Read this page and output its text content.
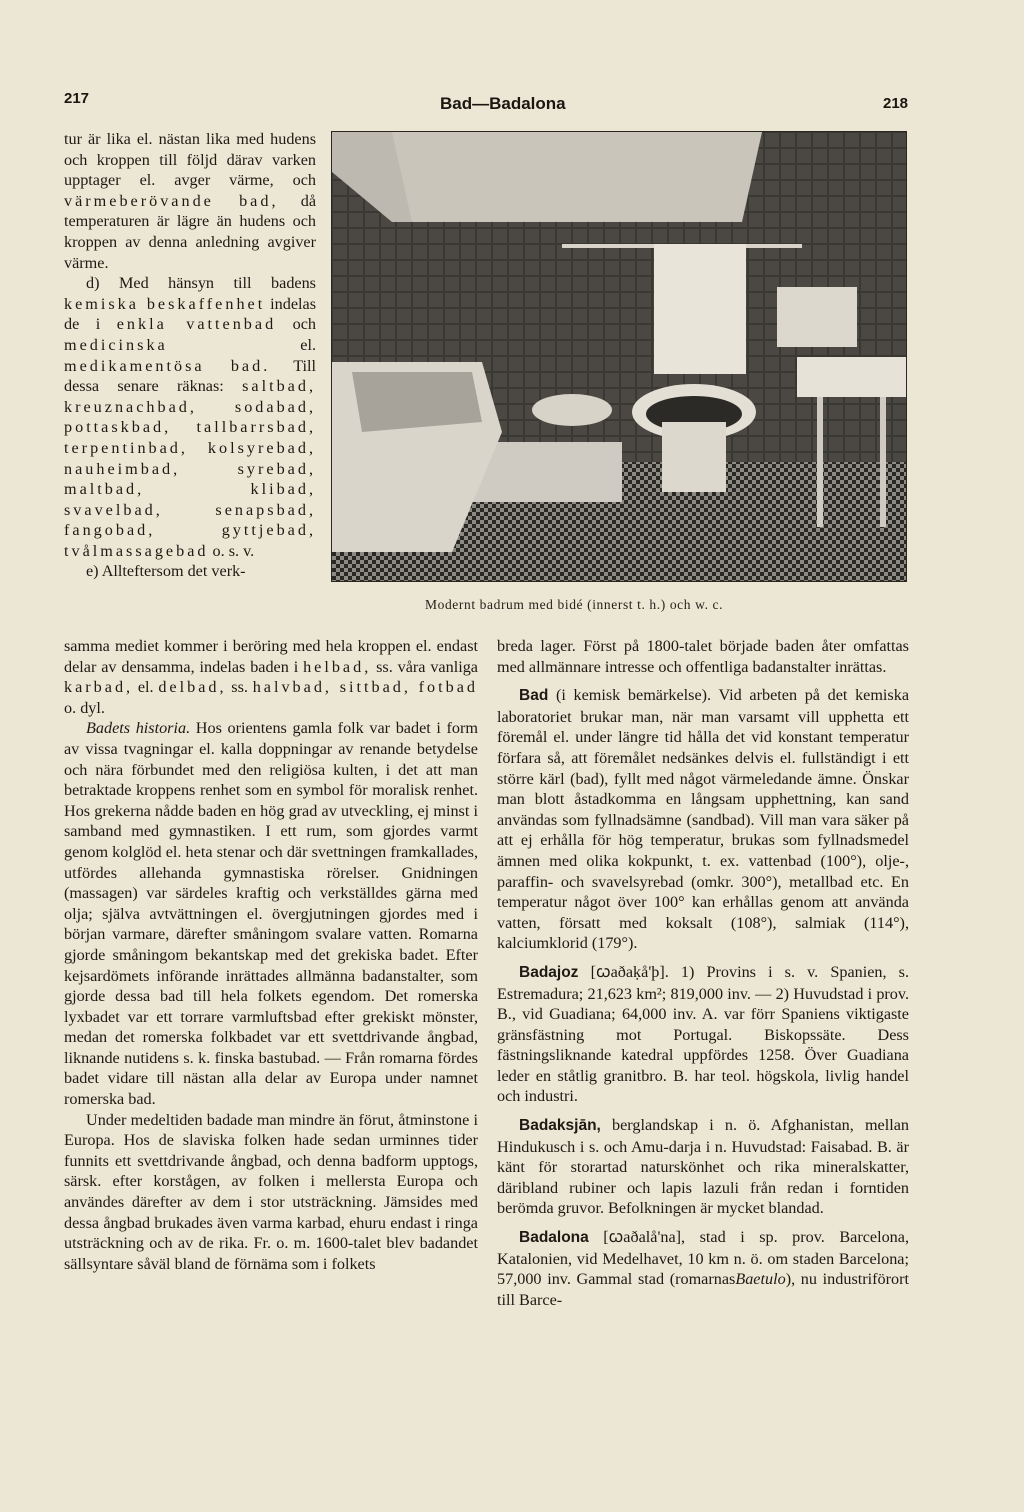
217	Bad—Badalona	218

tur är lika el. nästan lika med hudens och kroppen till följd därav varken upptager el. avger värme, och värmeberövande bad, då temperaturen är lägre än hudens och kroppen av denna anledning avgiver värme.

d) Med hänsyn till badens kemiska beskaffenhet indelas de i enkla vattenbad och medicinska	el. medikamentösa bad. Till dessa senare räknas: saltbad, kreuznachbad, sodabad, pottaskbad, tallbarrsbad, terpentinbad, kolsyrebad, nauheimbad, syrebad, maltbad, klibad, svavelbad, senapsbad, fangobad, gyttjebad, tvålmassagebad o. s. v.

e) Allteftersom det verk-

Modernt badrum med bidé (innerst t. h.) och w. c.

samma mediet kommer i beröring med hela kroppen el. endast delar av densamma, indelas baden i helbad, ss. våra vanliga karbad, el. delbad, ss. halvbad, sittbad, fotbad o. dyl.

Badets historia. Hos orientens gamla folk var badet i form av vissa tvagningar el. kalla doppningar av renande betydelse och nära förbundet med den religiösa kulten, i det att man betraktade kroppens renhet som en symbol för moralisk renhet. Hos grekerna nådde baden en hög grad av utveckling, ej minst i samband med gymnastiken. I ett rum, som gjordes varmt genom kolglöd el. heta stenar och där svettningen framkallades, utfördes allehanda gymnastiska rörelser. Gnidningen (massagen) var särdeles kraftig och verkställdes gärna med olja; själva avtvättningen el. övergjutningen gjordes med i början varmare, därefter småningom svalare vatten. Romarna gjorde småningom bekantskap med det grekiska badet. Efter kejsardömets införande inrättades allmänna badanstalter, som gjorde dessa bad till hela folkets egendom. Det romerska lyxbadet var ett torrare varmluftsbad efter grekiskt mönster, medan det romerska folkbadet var ett svettdrivande ångbad, liknande nutidens s. k. finska bastubad. — Från romarna fördes badet vidare till nästan alla delar av Europa under namnet romerska bad.

Under medeltiden badade man mindre än förut, åtminstone i Europa. Hos de slaviska folken hade sedan urminnes tider funnits ett svettdrivande ångbad, och denna badform upptogs, särsk. efter korstågen, av folken i mellersta Europa och användes därefter av dem i stor utsträckning. Jämsides med dessa ångbad brukades även varma karbad, ehuru endast i ringa utsträckning och av de rika. Fr. o. m. 1600-talet blev badandet sällsyntare såväl bland de förnäma som i folkets

breda lager. Först på 1800-talet började baden åter omfattas med allmännare intresse och offentliga badanstalter inrättas.

Bad (i kemisk bemärkelse). Vid arbeten på det kemiska laboratoriet brukar man, när man varsamt vill upphetta ett föremål el. under längre tid hålla det vid konstant temperatur förfara så, att föremålet nedsänkes delvis el. fullständigt i ett större kärl (bad), fyllt med något värmeledande ämne. Önskar man blott åstadkomma en långsam upphettning, kan sand användas som fyllnadsämne (sandbad). Vill man vara säker på att ej erhålla för hög temperatur, brukas som fyllnadsmedel ämnen med olika kokpunkt, t. ex. vattenbad (100°), olje-, paraffin- och svavelsyrebad (omkr. 300°), metallbad etc. En temperatur något över 100° kan erhållas genom att använda vatten, försatt med koksalt (108°), salmiak (114°), kalciumklorid (179°).

Badajoz [ꞷaðaḳå'þ]. 1) Provins i s. v. Spanien, s. Estremadura; 21,623 km²; 819,000 inv. — 2) Huvudstad i prov. B., vid Guadiana; 64,000 inv. A. var förr Spaniens viktigaste gränsfästning mot Portugal. Biskopssäte. Dess fästningsliknande katedral uppfördes 1258. Över Guadiana leder en ståtlig granitbro. B. har teol. högskola, livlig handel och industri.

Badaksjān, berglandskap i n. ö. Afghanistan, mellan Hindukusch i s. och Amu-darja i n. Huvudstad: Faisabad. B. är känt för storartad naturskönhet och rika mineralskatter, däribland rubiner och lapis lazuli från redan i forntiden berömda gruvor. Befolkningen är mycket blandad.

Badalona [ꞷaðalå'na], stad i sp. prov. Barcelona, Katalonien, vid Medelhavet, 10 km n. ö. om staden Barcelona; 57,000 inv. Gammal stad (romarnasBaetulo), nu industriförort till Barce-
